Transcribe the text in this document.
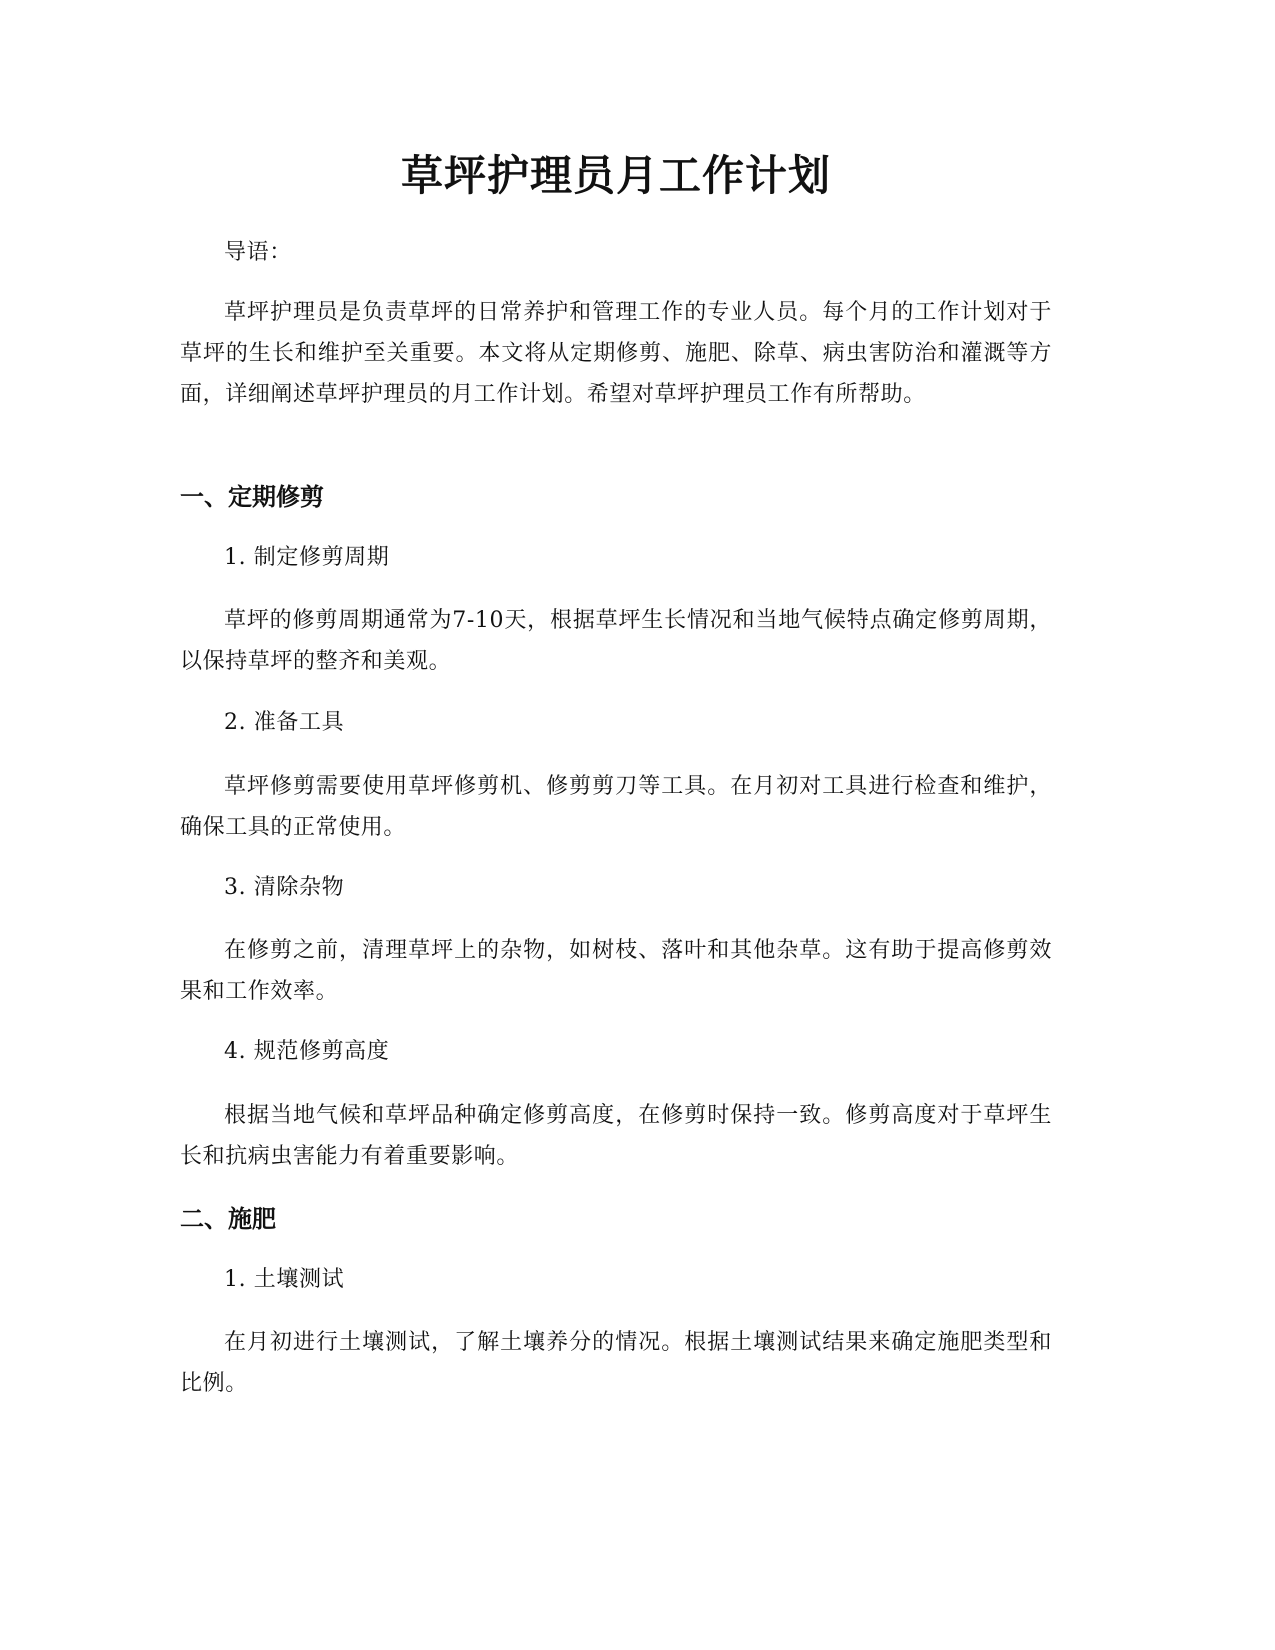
草坪护理员月工作计划

导语：

草坪护理员是负责草坪的日常养护和管理工作的专业人员。每个月的工作计划对于草坪的生长和维护至关重要。本文将从定期修剪、施肥、除草、病虫害防治和灌溉等方面，详细阐述草坪护理员的月工作计划。希望对草坪护理员工作有所帮助。

一、定期修剪

1. 制定修剪周期

草坪的修剪周期通常为7-10天，根据草坪生长情况和当地气候特点确定修剪周期，以保持草坪的整齐和美观。

2. 准备工具

草坪修剪需要使用草坪修剪机、修剪剪刀等工具。在月初对工具进行检查和维护，确保工具的正常使用。

3. 清除杂物

在修剪之前，清理草坪上的杂物，如树枝、落叶和其他杂草。这有助于提高修剪效果和工作效率。

4. 规范修剪高度

根据当地气候和草坪品种确定修剪高度，在修剪时保持一致。修剪高度对于草坪生长和抗病虫害能力有着重要影响。

二、施肥

1. 土壤测试

在月初进行土壤测试，了解土壤养分的情况。根据土壤测试结果来确定施肥类型和比例。
